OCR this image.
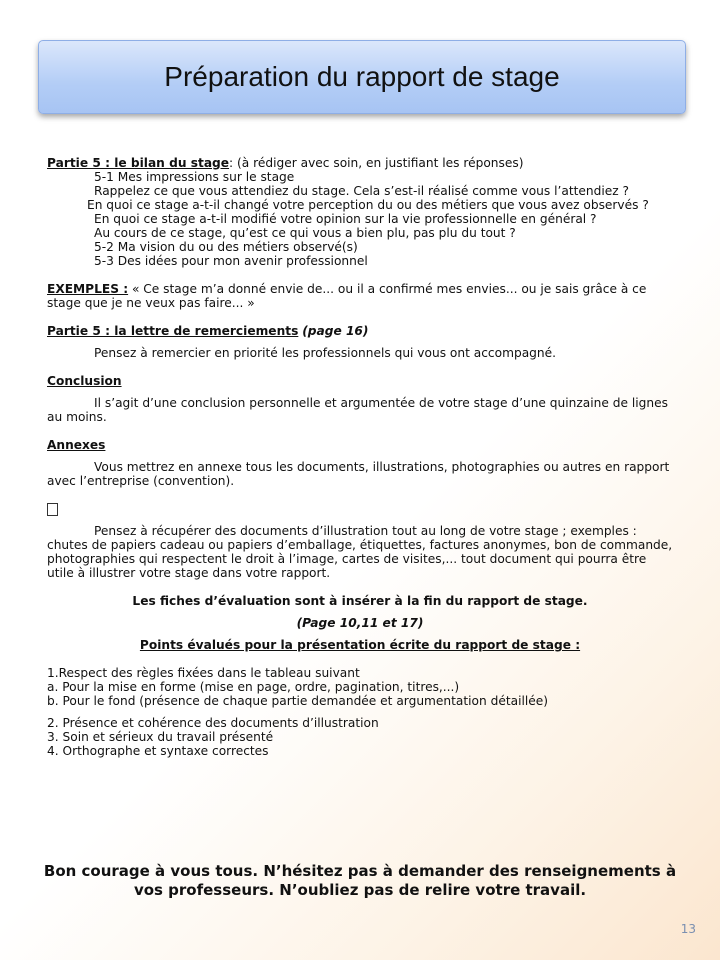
Préparation du rapport de stage
Partie 5 : le bilan du stage: (à rédiger avec soin, en justifiant les réponses)
5-1 Mes impressions sur le stage
Rappelez ce que vous attendiez du stage. Cela s’est-il réalisé comme vous l’attendiez ?
En quoi ce stage a-t-il changé votre perception du ou des métiers que vous avez observés ?
En quoi ce stage a-t-il modifié votre opinion sur la vie professionnelle en général ?
Au cours de ce stage, qu’est ce qui vous a bien plu, pas plu du tout ?
5-2 Ma vision du ou des métiers observé(s)
5-3 Des idées pour mon avenir professionnel
EXEMPLES : « Ce stage m’a donné envie de... ou il a confirmé mes envies... ou je sais grâce à ce stage que je ne veux pas faire... »
Partie 5 : la lettre de remerciements (page 16)
Pensez à remercier en priorité les professionnels qui vous ont accompagné.
Conclusion
Il s’agit d’une conclusion personnelle et argumentée de votre stage d’une quinzaine de lignes au moins.
Annexes
Vous mettrez en annexe tous les documents, illustrations, photographies ou autres en rapport avec l’entreprise (convention).
Pensez à récupérer des documents d’illustration tout au long de votre stage ; exemples : chutes de papiers cadeau ou papiers d’emballage, étiquettes, factures anonymes, bon de commande, photographies qui respectent le droit à l’image, cartes de visites,... tout document qui pourra être utile à illustrer votre stage dans votre rapport.
Les fiches d’évaluation sont à insérer à la fin du rapport de stage.
(Page 10,11 et 17)
Points évalués pour la présentation écrite du rapport de stage :
1.Respect des règles fixées dans le tableau suivant
a. Pour la mise en forme (mise en page, ordre, pagination, titres,...)
b. Pour le fond (présence de chaque partie demandée et argumentation détaillée)
2. Présence et cohérence des documents d’illustration
3. Soin et sérieux du travail présenté
4. Orthographe et syntaxe correctes
Bon courage à vous tous. N’hésitez pas à demander des renseignements à vos professeurs. N’oubliez pas de relire votre travail.
13
